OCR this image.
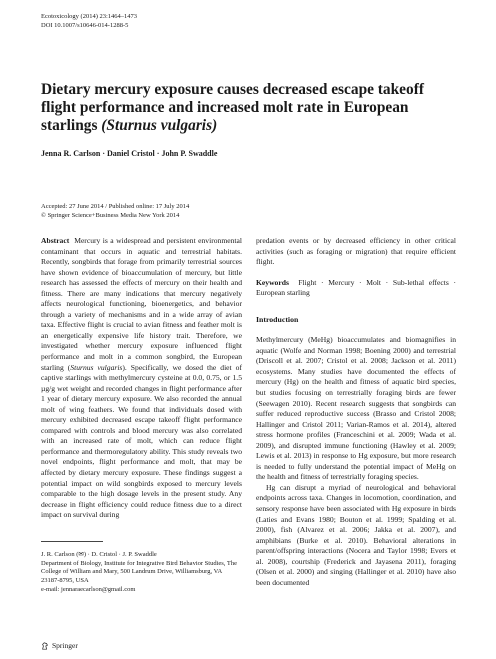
Ecotoxicology (2014) 23:1464–1473
DOI 10.1007/s10646-014-1288-5
Dietary mercury exposure causes decreased escape takeoff flight performance and increased molt rate in European starlings (Sturnus vulgaris)
Jenna R. Carlson · Daniel Cristol · John P. Swaddle
Accepted: 27 June 2014 / Published online: 17 July 2014
© Springer Science+Business Media New York 2014
Abstract Mercury is a widespread and persistent environmental contaminant that occurs in aquatic and terrestrial habitats. Recently, songbirds that forage from primarily terrestrial sources have shown evidence of bioaccumulation of mercury, but little research has assessed the effects of mercury on their health and fitness. There are many indications that mercury negatively affects neurological functioning, bioenergetics, and behavior through a variety of mechanisms and in a wide array of avian taxa. Effective flight is crucial to avian fitness and feather molt is an energetically expensive life history trait. Therefore, we investigated whether mercury exposure influenced flight performance and molt in a common songbird, the European starling (Sturnus vulgaris). Specifically, we dosed the diet of captive starlings with methylmercury cysteine at 0.0, 0.75, or 1.5 µg/g wet weight and recorded changes in flight performance after 1 year of dietary mercury exposure. We also recorded the annual molt of wing feathers. We found that individuals dosed with mercury exhibited decreased escape takeoff flight performance compared with controls and blood mercury was also correlated with an increased rate of molt, which can reduce flight performance and thermoregulatory ability. This study reveals two novel endpoints, flight performance and molt, that may be affected by dietary mercury exposure. These findings suggest a potential impact on wild songbirds exposed to mercury levels comparable to the high dosage levels in the present study. Any decrease in flight efficiency could reduce fitness due to a direct impact on survival during
J. R. Carlson (✉) · D. Cristol · J. P. Swaddle
Department of Biology, Institute for Integrative Bird Behavior Studies, The College of William and Mary, 500 Landrum Drive, Williamsburg, VA 23187-8795, USA
e-mail: jennaraecarlson@gmail.com

predation events or by decreased efficiency in other critical activities (such as foraging or migration) that require efficient flight.

Keywords Flight · Mercury · Molt · Sub-lethal effects · European starling

Introduction

Methylmercury (MeHg) bioaccumulates and biomagnifies in aquatic (Wolfe and Norman 1998; Boening 2000) and terrestrial (Driscoll et al. 2007; Cristol et al. 2008; Jackson et al. 2011) ecosystems. Many studies have documented the effects of mercury (Hg) on the health and fitness of aquatic bird species, but studies focusing on terrestrially foraging birds are fewer (Seewagen 2010). Recent research suggests that songbirds can suffer reduced reproductive success (Brasso and Cristol 2008; Hallinger and Cristol 2011; Varian-Ramos et al. 2014), altered stress hormone profiles (Franceschini et al. 2009; Wada et al. 2009), and disrupted immune functioning (Hawley et al. 2009; Lewis et al. 2013) in response to Hg exposure, but more research is needed to fully understand the potential impact of MeHg on the health and fitness of terrestrially foraging species.

Hg can disrupt a myriad of neurological and behavioral endpoints across taxa. Changes in locomotion, coordination, and sensory response have been associated with Hg exposure in birds (Laties and Evans 1980; Bouton et al. 1999; Spalding et al. 2000), fish (Alvarez et al. 2006; Jakka et al. 2007), and amphibians (Burke et al. 2010). Behavioral alterations in parent/offspring interactions (Nocera and Taylor 1998; Evers et al. 2008), courtship (Frederick and Jayasena 2011), foraging (Olsen et al. 2000) and singing (Hallinger et al. 2010) have also been documented

Springer
